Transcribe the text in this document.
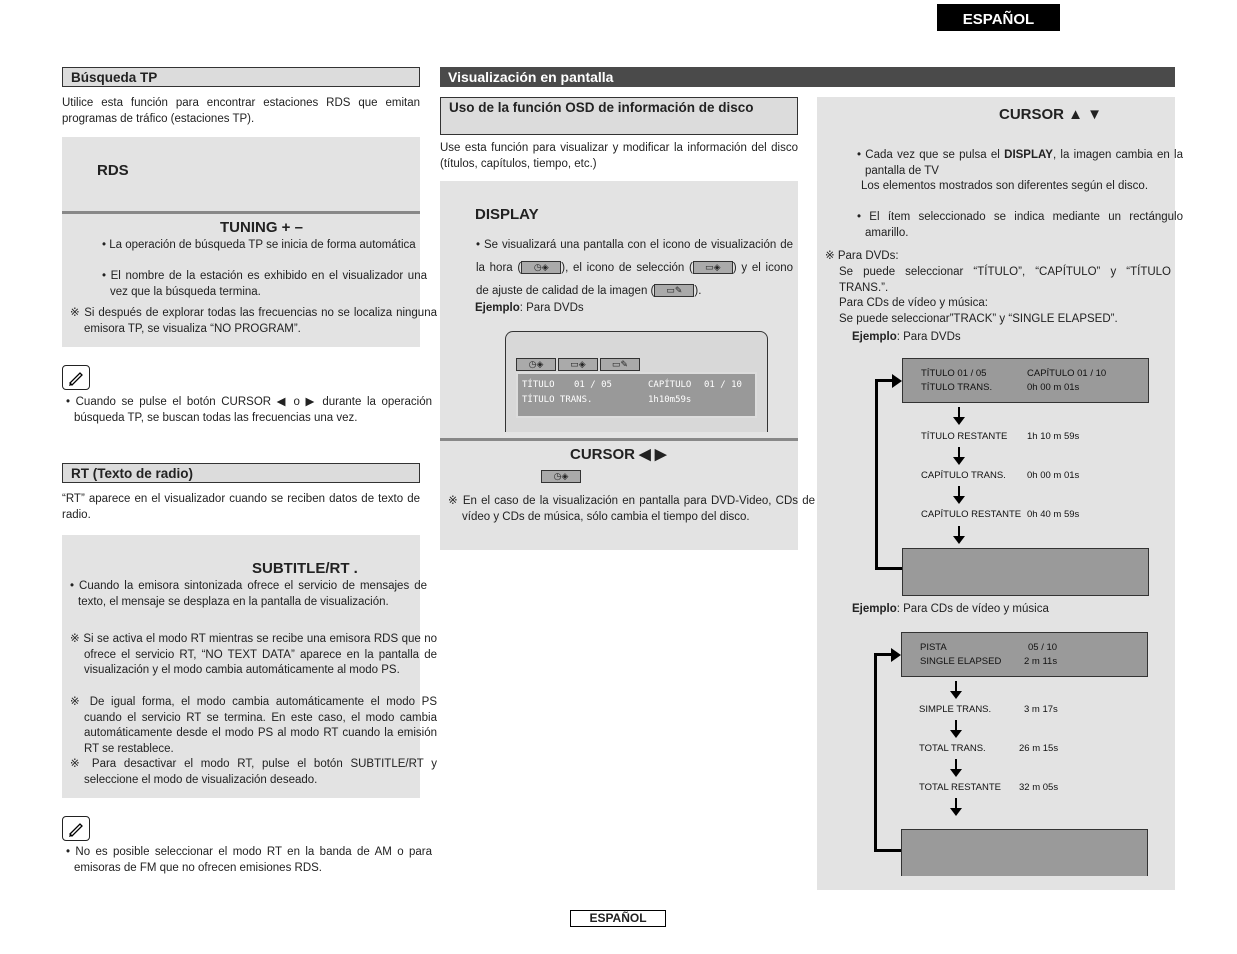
ESPAÑOL
Búsqueda TP
Utilice esta función para encontrar estaciones RDS que emitan programas de tráfico (estaciones TP).
RDS
TUNING + –
• La operación de búsqueda TP se inicia de forma automática
• El nombre de la estación es exhibido en el visualizador una vez que la búsqueda termina.
※ Si después de explorar todas las frecuencias no se localiza ninguna emisora TP, se visualiza “NO PROGRAM”.
• Cuando se pulse el botón CURSOR ◀ o ▶ durante la operación búsqueda TP, se buscan todas las frecuencias una vez.
RT (Texto de radio)
“RT” aparece en el visualizador cuando se reciben datos de texto de radio.
SUBTITLE/RT .
• Cuando la emisora sintonizada ofrece el servicio de mensajes de texto, el mensaje se desplaza en la pantalla de visualización.
※ Si se activa el modo RT mientras se recibe una emisora RDS que no ofrece el servicio RT, “NO TEXT DATA” aparece en la pantalla de visualización y el modo cambia automáticamente al modo PS.
※ De igual forma, el modo cambia automáticamente el modo PS cuando el servicio RT se termina. En este caso, el modo cambia automáticamente desde el modo PS al modo RT cuando la emisión RT se restablece.
※ Para desactivar el modo RT, pulse el botón SUBTITLE/RT y seleccione el modo de visualización deseado.
• No es posible seleccionar el modo RT en la banda de AM o para emisoras de FM que no ofrecen emisiones RDS.
Visualización en pantalla
Uso de la función OSD de información de disco
Use esta función para visualizar y modificar la información del disco (títulos, capítulos, tiempo, etc.)
DISPLAY
• Se visualizará una pantalla con el icono de visualización de la hora ( ◷◈ ), el icono de selección ( ▭◈ ) y el icono de ajuste de calidad de la imagen ( ▭✎ ).
Ejemplo: Para DVDs
◷◈	▭◈	▭✎
TÍTULO 01 / 05	CAPÍTULO 01 / 10
TÍTULO TRANS.	1h10m59s
CURSOR ◀ ▶
◷◈
※ En el caso de la visualización en pantalla para DVD-Video, CDs de vídeo y CDs de música, sólo cambia el tiempo del disco.
CURSOR ▲ ▼
• Cada vez que se pulsa el DISPLAY, la imagen cambia en la pantalla de TV
Los elementos mostrados son diferentes según el disco.
• El ítem seleccionado se indica mediante un rectángulo amarillo.
※ Para DVDs:
Se puede seleccionar “TÍTULO”, “CAPÍTULO” y “TÍTULO TRANS.”.
Para CDs de vídeo y música:
Se puede seleccionar”TRACK” y “SINGLE ELAPSED”.
Ejemplo: Para DVDs
TÍTULO 01 / 05	CAPÍTULO 01 / 10
TÍTULO TRANS.	0h 00 m 01s
TÍTULO RESTANTE 1h 10 m 59s
CAPÍTULO TRANS. 0h 00 m 01s
CAPÍTULO RESTANTE 0h 40 m 59s
Ejemplo: Para CDs de vídeo y música
PISTA	05 / 10
SINGLE ELAPSED 2 m 11s
SIMPLE TRANS.	3 m 17s
TOTAL TRANS.	26 m 15s
TOTAL RESTANTE 32 m 05s
ESPAÑOL
